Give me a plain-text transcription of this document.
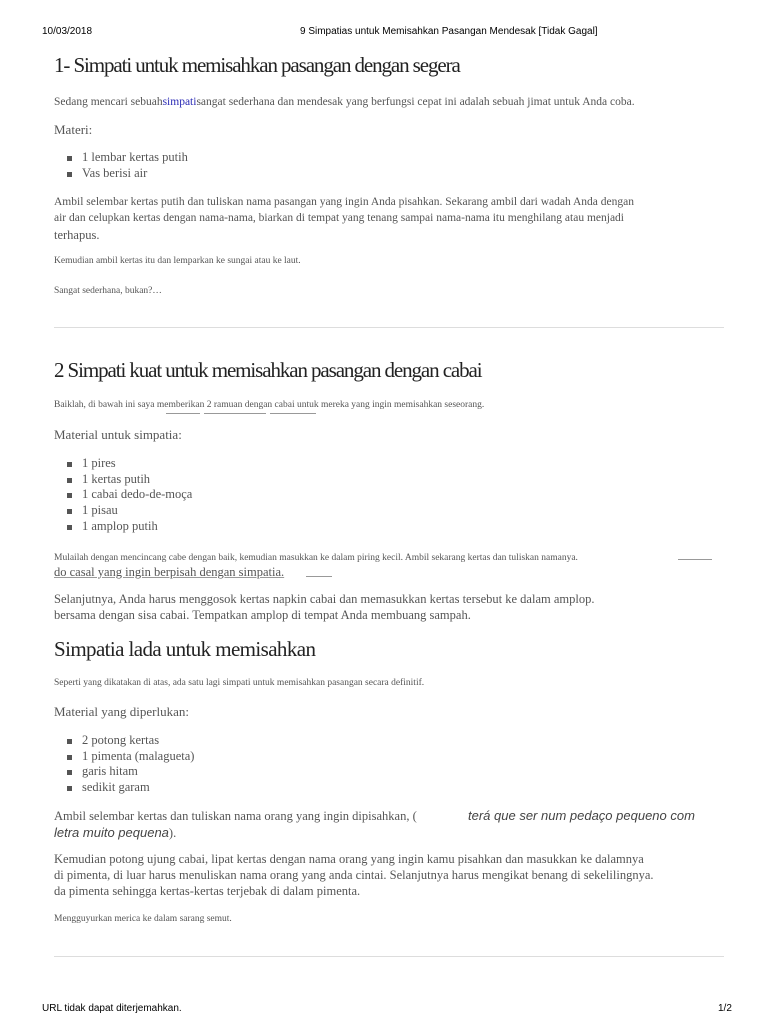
10/03/2018	9 Simpatias untuk Memisahkan Pasangan Mendesak [Tidak Gagal]
URL tidak dapat diterjemahkan.	1/2
1- Simpati untuk memisahkan pasangan dengan segera
Sedang mencari sebuahsimpatisangat sederhana dan mendesak yang berfungsi cepat ini adalah sebuah jimat untuk Anda coba.
Materi:
1 lembar kertas putih
Vas berisi air
Ambil selembar kertas putih dan tuliskan nama pasangan yang ingin Anda pisahkan. Sekarang ambil dari wadah Anda dengan
air dan celupkan kertas dengan nama-nama, biarkan di tempat yang tenang sampai nama-nama itu menghilang atau menjadi
terhapus.
Kemudian ambil kertas itu dan lemparkan ke sungai atau ke laut.
Sangat sederhana, bukan?…
2 Simpati kuat untuk memisahkan pasangan dengan cabai
Baiklah, di bawah ini saya memberikan 2 ramuan dengan cabai untuk mereka yang ingin memisahkan seseorang.
Material untuk simpatia:
1 pires
1 kertas putih
1 cabai dedo-de-moça
1 pisau
1 amplop putih
Mulailah dengan mencincang cabe dengan baik, kemudian masukkan ke dalam piring kecil. Ambil sekarang kertas dan tuliskan namanya.
do casal yang ingin berpisah dengan simpatia.
Selanjutnya, Anda harus menggosok kertas napkin cabai dan memasukkan kertas tersebut ke dalam amplop.
bersama dengan sisa cabai. Tempatkan amplop di tempat Anda membuang sampah.
Simpatia lada untuk memisahkan
Seperti yang dikatakan di atas, ada satu lagi simpati untuk memisahkan pasangan secara definitif.
Material yang diperlukan:
2 potong kertas
1 pimenta (malagueta)
garis hitam
sedikit garam
Ambil selembar kertas dan tuliskan nama orang yang ingin dipisahkan, (	terá que ser num pedaço pequeno com
letra muito pequena).
Kemudian potong ujung cabai, lipat kertas dengan nama orang yang ingin kamu pisahkan dan masukkan ke dalamnya
di pimenta, di luar harus menuliskan nama orang yang anda cintai. Selanjutnya harus mengikat benang di sekelilingnya.
da pimenta sehingga kertas-kertas terjebak di dalam pimenta.
Mengguyurkan merica ke dalam sarang semut.
